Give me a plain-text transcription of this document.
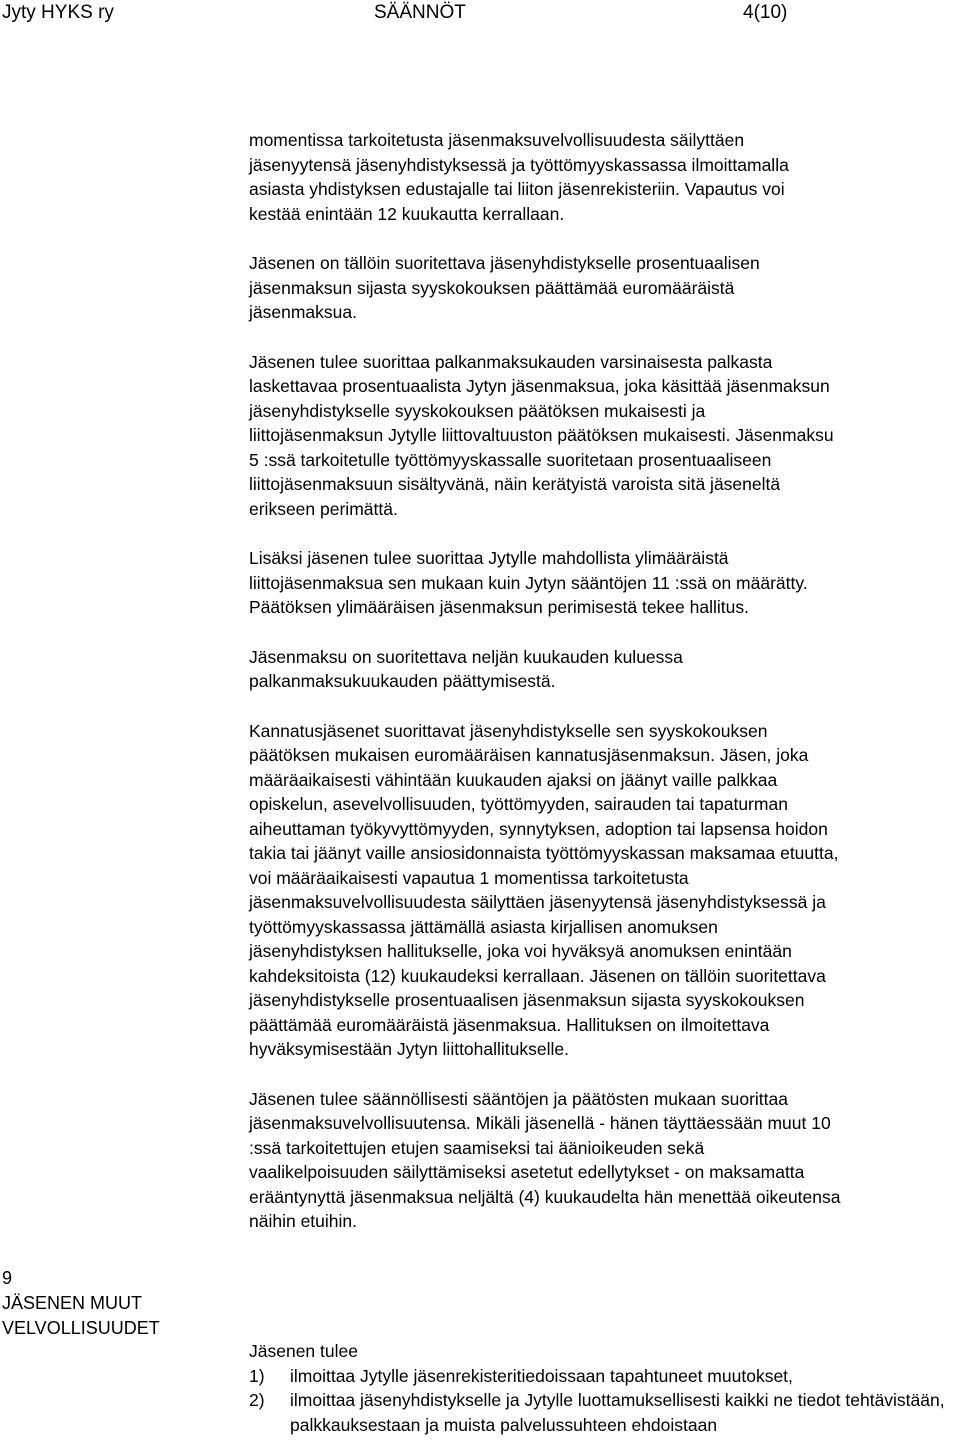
Jyty HYKS ry	SÄÄNNÖT	4(10)

momentissa tarkoitetusta jäsenmaksuvelvollisuudesta säilyttäen
jäsenyytensä jäsenyhdistyksessä ja työttömyyskassassa ilmoittamalla
asiasta yhdistyksen edustajalle tai liiton jäsenrekisteriin. Vapautus voi
kestää enintään 12 kuukautta kerrallaan.

Jäsenen on tällöin suoritettava jäsenyhdistykselle prosentuaalisen
jäsenmaksun sijasta syyskokouksen päättämää euromääräistä
jäsenmaksua.

Jäsenen tulee suorittaa palkanmaksukauden varsinaisesta palkasta
laskettavaa prosentuaalista Jytyn jäsenmaksua, joka käsittää jäsenmaksun
jäsenyhdistykselle syyskokouksen päätöksen mukaisesti ja
liittojäsenmaksun Jytylle liittovaltuuston päätöksen mukaisesti. Jäsenmaksu
5 :ssä tarkoitetulle työttömyyskassalle suoritetaan prosentuaaliseen
liittojäsenmaksuun sisältyvänä, näin kerätyistä varoista sitä jäseneltä
erikseen perimättä.

Lisäksi jäsenen tulee suorittaa Jytylle mahdollista ylimääräistä
liittojäsenmaksua sen mukaan kuin Jytyn sääntöjen 11 :ssä on määrätty.
Päätöksen ylimääräisen jäsenmaksun perimisestä tekee hallitus.

Jäsenmaksu on suoritettava neljän kuukauden kuluessa
palkanmaksukuukauden päättymisestä.

Kannatusjäsenet suorittavat jäsenyhdistykselle sen syyskokouksen
päätöksen mukaisen euromääräisen kannatusjäsenmaksun. Jäsen, joka
määräaikaisesti vähintään kuukauden ajaksi on jäänyt vaille palkkaa
opiskelun, asevelvollisuuden, työttömyyden, sairauden tai tapaturman
aiheuttaman työkyvyttömyyden, synnytyksen, adoption tai lapsensa hoidon
takia tai jäänyt vaille ansiosidonnaista työttömyyskassan maksamaa etuutta,
voi määräaikaisesti vapautua 1 momentissa tarkoitetusta
jäsenmaksuvelvollisuudesta säilyttäen jäsenyytensä jäsenyhdistyksessä ja
työttömyyskassassa jättämällä asiasta kirjallisen anomuksen
jäsenyhdistyksen hallitukselle, joka voi hyväksyä anomuksen enintään
kahdeksitoista (12) kuukaudeksi kerrallaan. Jäsenen on tällöin suoritettava
jäsenyhdistykselle prosentuaalisen jäsenmaksun sijasta syyskokouksen
päättämää euromääräistä jäsenmaksua. Hallituksen on ilmoitettava
hyväksymisestään Jytyn liittohallitukselle.

Jäsenen tulee säännöllisesti sääntöjen ja päätösten mukaan suorittaa
jäsenmaksuvelvollisuutensa. Mikäli jäsenellä - hänen täyttäessään muut 10
:ssä tarkoitettujen etujen saamiseksi tai äänioikeuden sekä
vaalikelpoisuuden säilyttämiseksi asetetut edellytykset - on maksamatta
erääntynyttä jäsenmaksua neljältä (4) kuukaudelta hän menettää oikeutensa
näihin etuihin.

9
JÄSENEN MUUT VELVOLLISUUDET

Jäsenen tulee

1)	ilmoittaa Jytylle jäsenrekisteritiedoissaan tapahtuneet muutokset,
2)	ilmoittaa jäsenyhdistykselle ja Jytylle luottamuksellisesti kaikki ne tiedot tehtävistään, palkkauksestaan ja muista palvelussuhteen ehdoistaan
